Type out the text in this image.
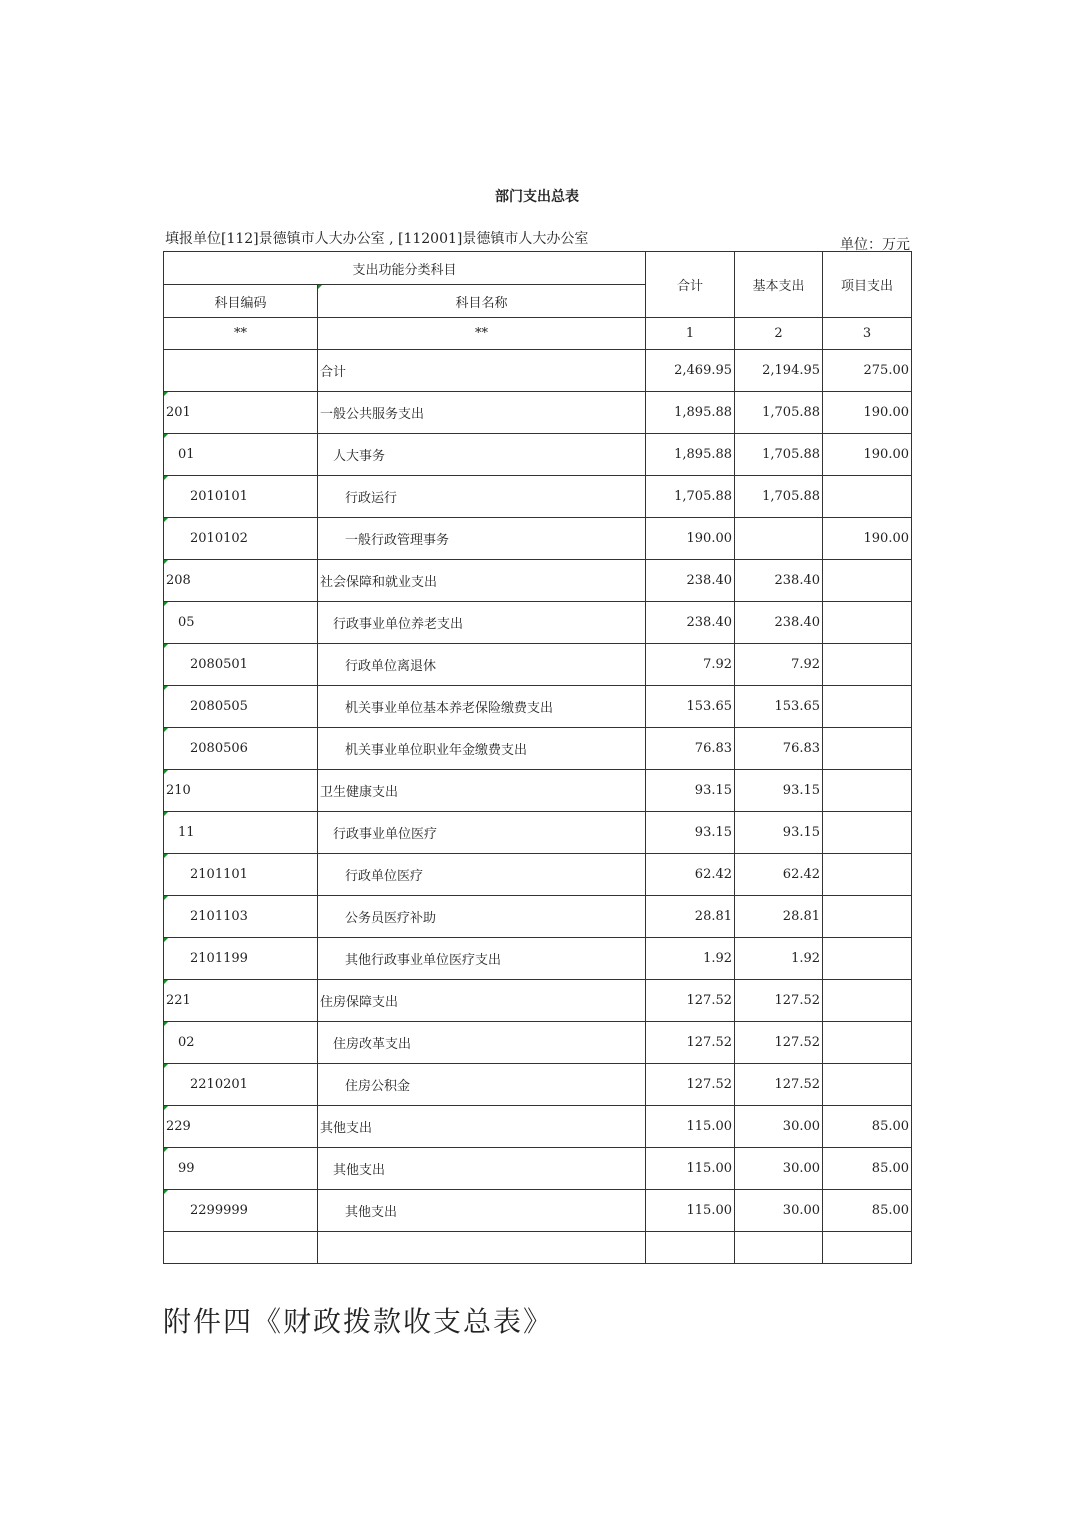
部门支出总表
填报单位[112]景德镇市人大办公室 , [112001]景德镇市人大办公室	单位：万元
支出功能分类科目		合计	基本支出	项目支出
科目编码	科目名称			
**	**	1	2	3
	合计	2,469.95	2,194.95	275.00

201	一般公共服务支出	1,895.88	1,705.88	190.00

01	人大事务	1,895.88	1,705.88	190.00

2010101	行政运行	1,705.88	1,705.88	

2010102	一般行政管理事务	190.00		190.00

208	社会保障和就业支出	238.40	238.40	

05	行政事业单位养老支出	238.40	238.40	

2080501	行政单位离退休	7.92	7.92	

2080505	机关事业单位基本养老保险缴费支出	153.65	153.65	

2080506	机关事业单位职业年金缴费支出	76.83	76.83	

210	卫生健康支出	93.15	93.15	

11	行政事业单位医疗	93.15	93.15	

2101101	行政单位医疗	62.42	62.42	

2101103	公务员医疗补助	28.81	28.81	

2101199	其他行政事业单位医疗支出	1.92	1.92	

221	住房保障支出	127.52	127.52	

02	住房改革支出	127.52	127.52	

2210201	住房公积金	127.52	127.52	

229	其他支出	115.00	30.00	85.00

99	其他支出	115.00	30.00	85.00

2299999	其他支出	115.00	30.00	85.00

附件四《财政拨款收支总表》
